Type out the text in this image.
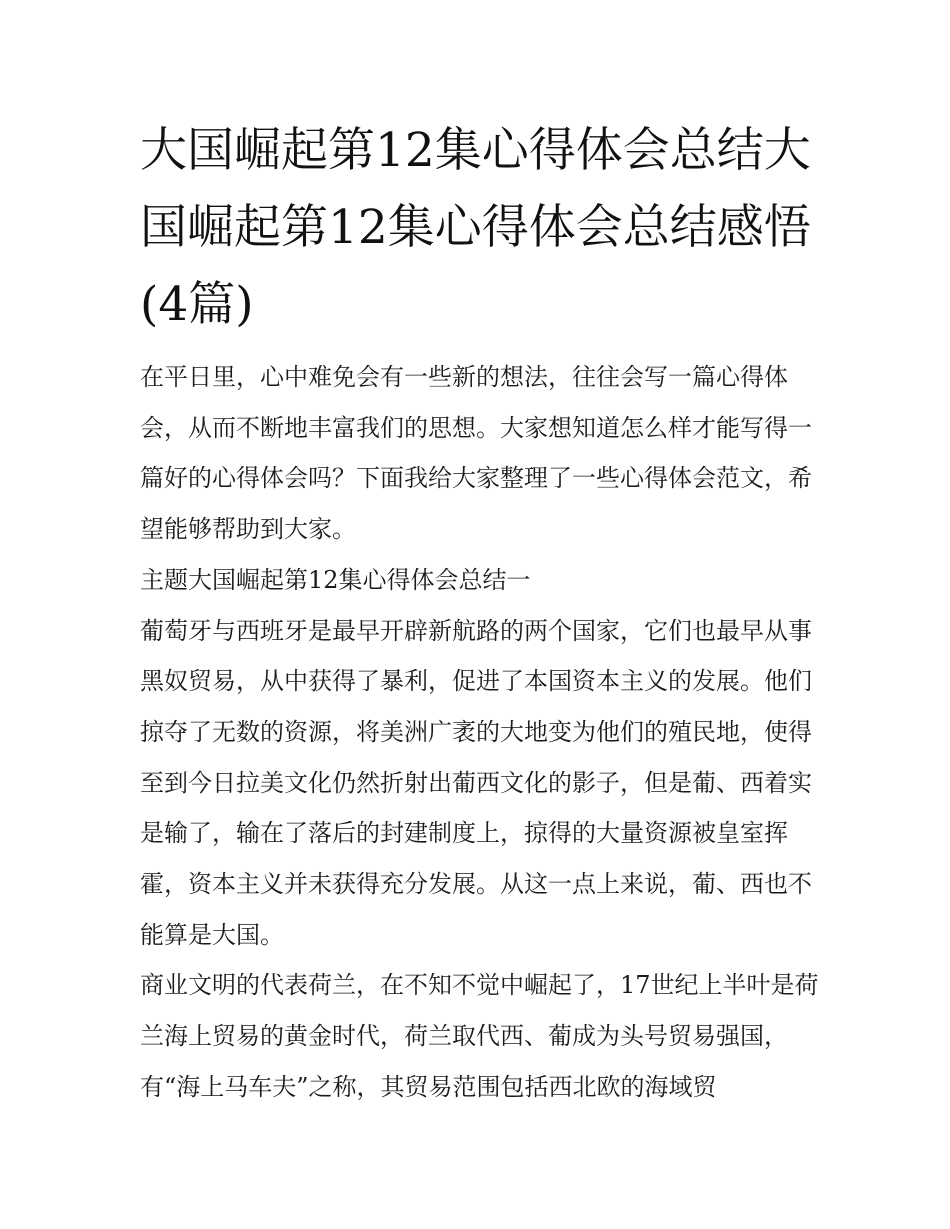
大国崛起第12集心得体会总结大国崛起第12集心得体会总结感悟(4篇)

在平日里，心中难免会有一些新的想法，往往会写一篇心得体会，从而不断地丰富我们的思想。大家想知道怎么样才能写得一篇好的心得体会吗？下面我给大家整理了一些心得体会范文，希望能够帮助到大家。

主题大国崛起第12集心得体会总结一

葡萄牙与西班牙是最早开辟新航路的两个国家，它们也最早从事黑奴贸易，从中获得了暴利，促进了本国资本主义的发展。他们掠夺了无数的资源，将美洲广袤的大地变为他们的殖民地，使得至到今日拉美文化仍然折射出葡西文化的影子，但是葡、西着实是输了，输在了落后的封建制度上，掠得的大量资源被皇室挥霍，资本主义并未获得充分发展。从这一点上来说，葡、西也不能算是大国。

商业文明的代表荷兰，在不知不觉中崛起了，17世纪上半叶是荷兰海上贸易的黄金时代，荷兰取代西、葡成为头号贸易强国，有“海上马车夫”之称，其贸易范围包括西北欧的海域贸
